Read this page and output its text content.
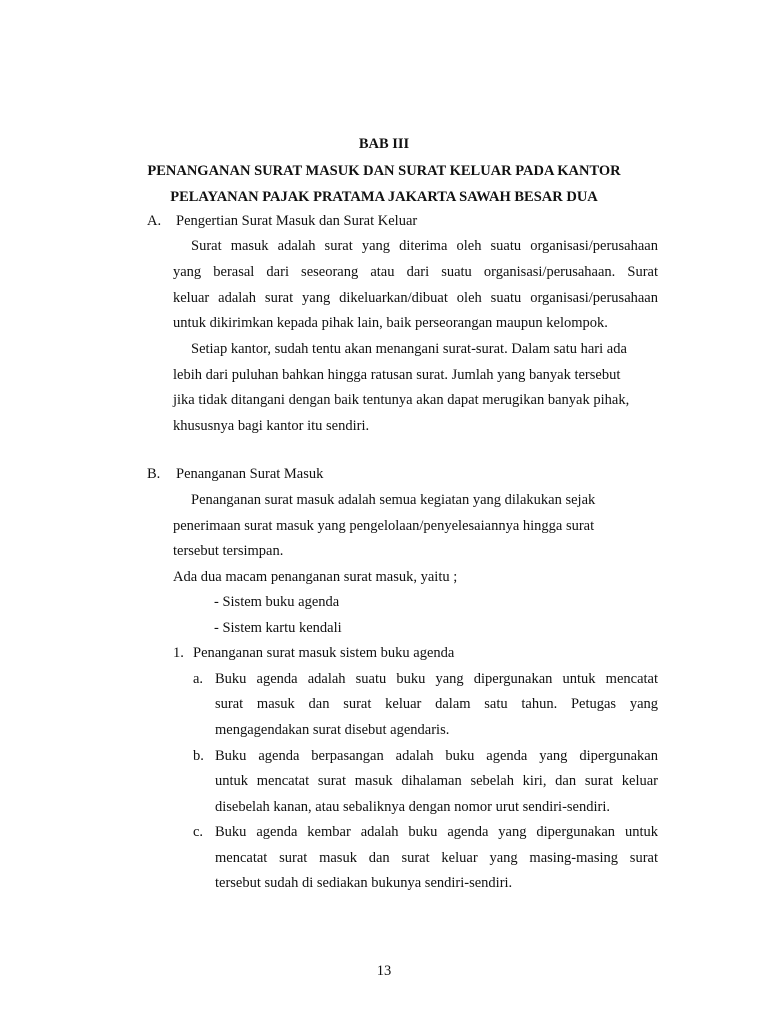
BAB III
PENANGANAN SURAT MASUK DAN SURAT KELUAR PADA KANTOR
PELAYANAN PAJAK PRATAMA JAKARTA SAWAH BESAR DUA
A. Pengertian Surat Masuk dan Surat Keluar
Surat masuk adalah surat yang diterima oleh suatu organisasi/perusahaan
yang berasal dari seseorang atau dari suatu organisasi/perusahaan. Surat
keluar adalah surat yang dikeluarkan/dibuat oleh suatu organisasi/perusahaan
untuk dikirimkan kepada pihak lain, baik perseorangan maupun kelompok.
Setiap kantor, sudah tentu akan menangani surat-surat. Dalam satu hari ada
lebih dari puluhan bahkan hingga ratusan surat. Jumlah yang banyak tersebut
jika tidak ditangani dengan baik tentunya akan dapat merugikan banyak pihak,
khususnya bagi kantor itu sendiri.
B. Penanganan Surat Masuk
Penanganan surat masuk adalah semua kegiatan yang dilakukan sejak
penerimaan surat masuk yang pengelolaan/penyelesaiannya hingga surat
tersebut tersimpan.
Ada dua macam penanganan surat masuk, yaitu ;
- Sistem buku agenda
- Sistem kartu kendali
1. Penanganan surat masuk sistem buku agenda
a. Buku agenda adalah suatu buku yang dipergunakan untuk mencatat
surat masuk dan surat keluar dalam satu tahun. Petugas yang
mengagendakan surat disebut agendaris.
b. Buku agenda berpasangan adalah buku agenda yang dipergunakan
untuk mencatat surat masuk dihalaman sebelah kiri, dan surat keluar
disebelah kanan, atau sebaliknya dengan nomor urut sendiri-sendiri.
c. Buku agenda kembar adalah buku agenda yang dipergunakan untuk
mencatat surat masuk dan surat keluar yang masing-masing surat
tersebut sudah di sediakan bukunya sendiri-sendiri.
13
